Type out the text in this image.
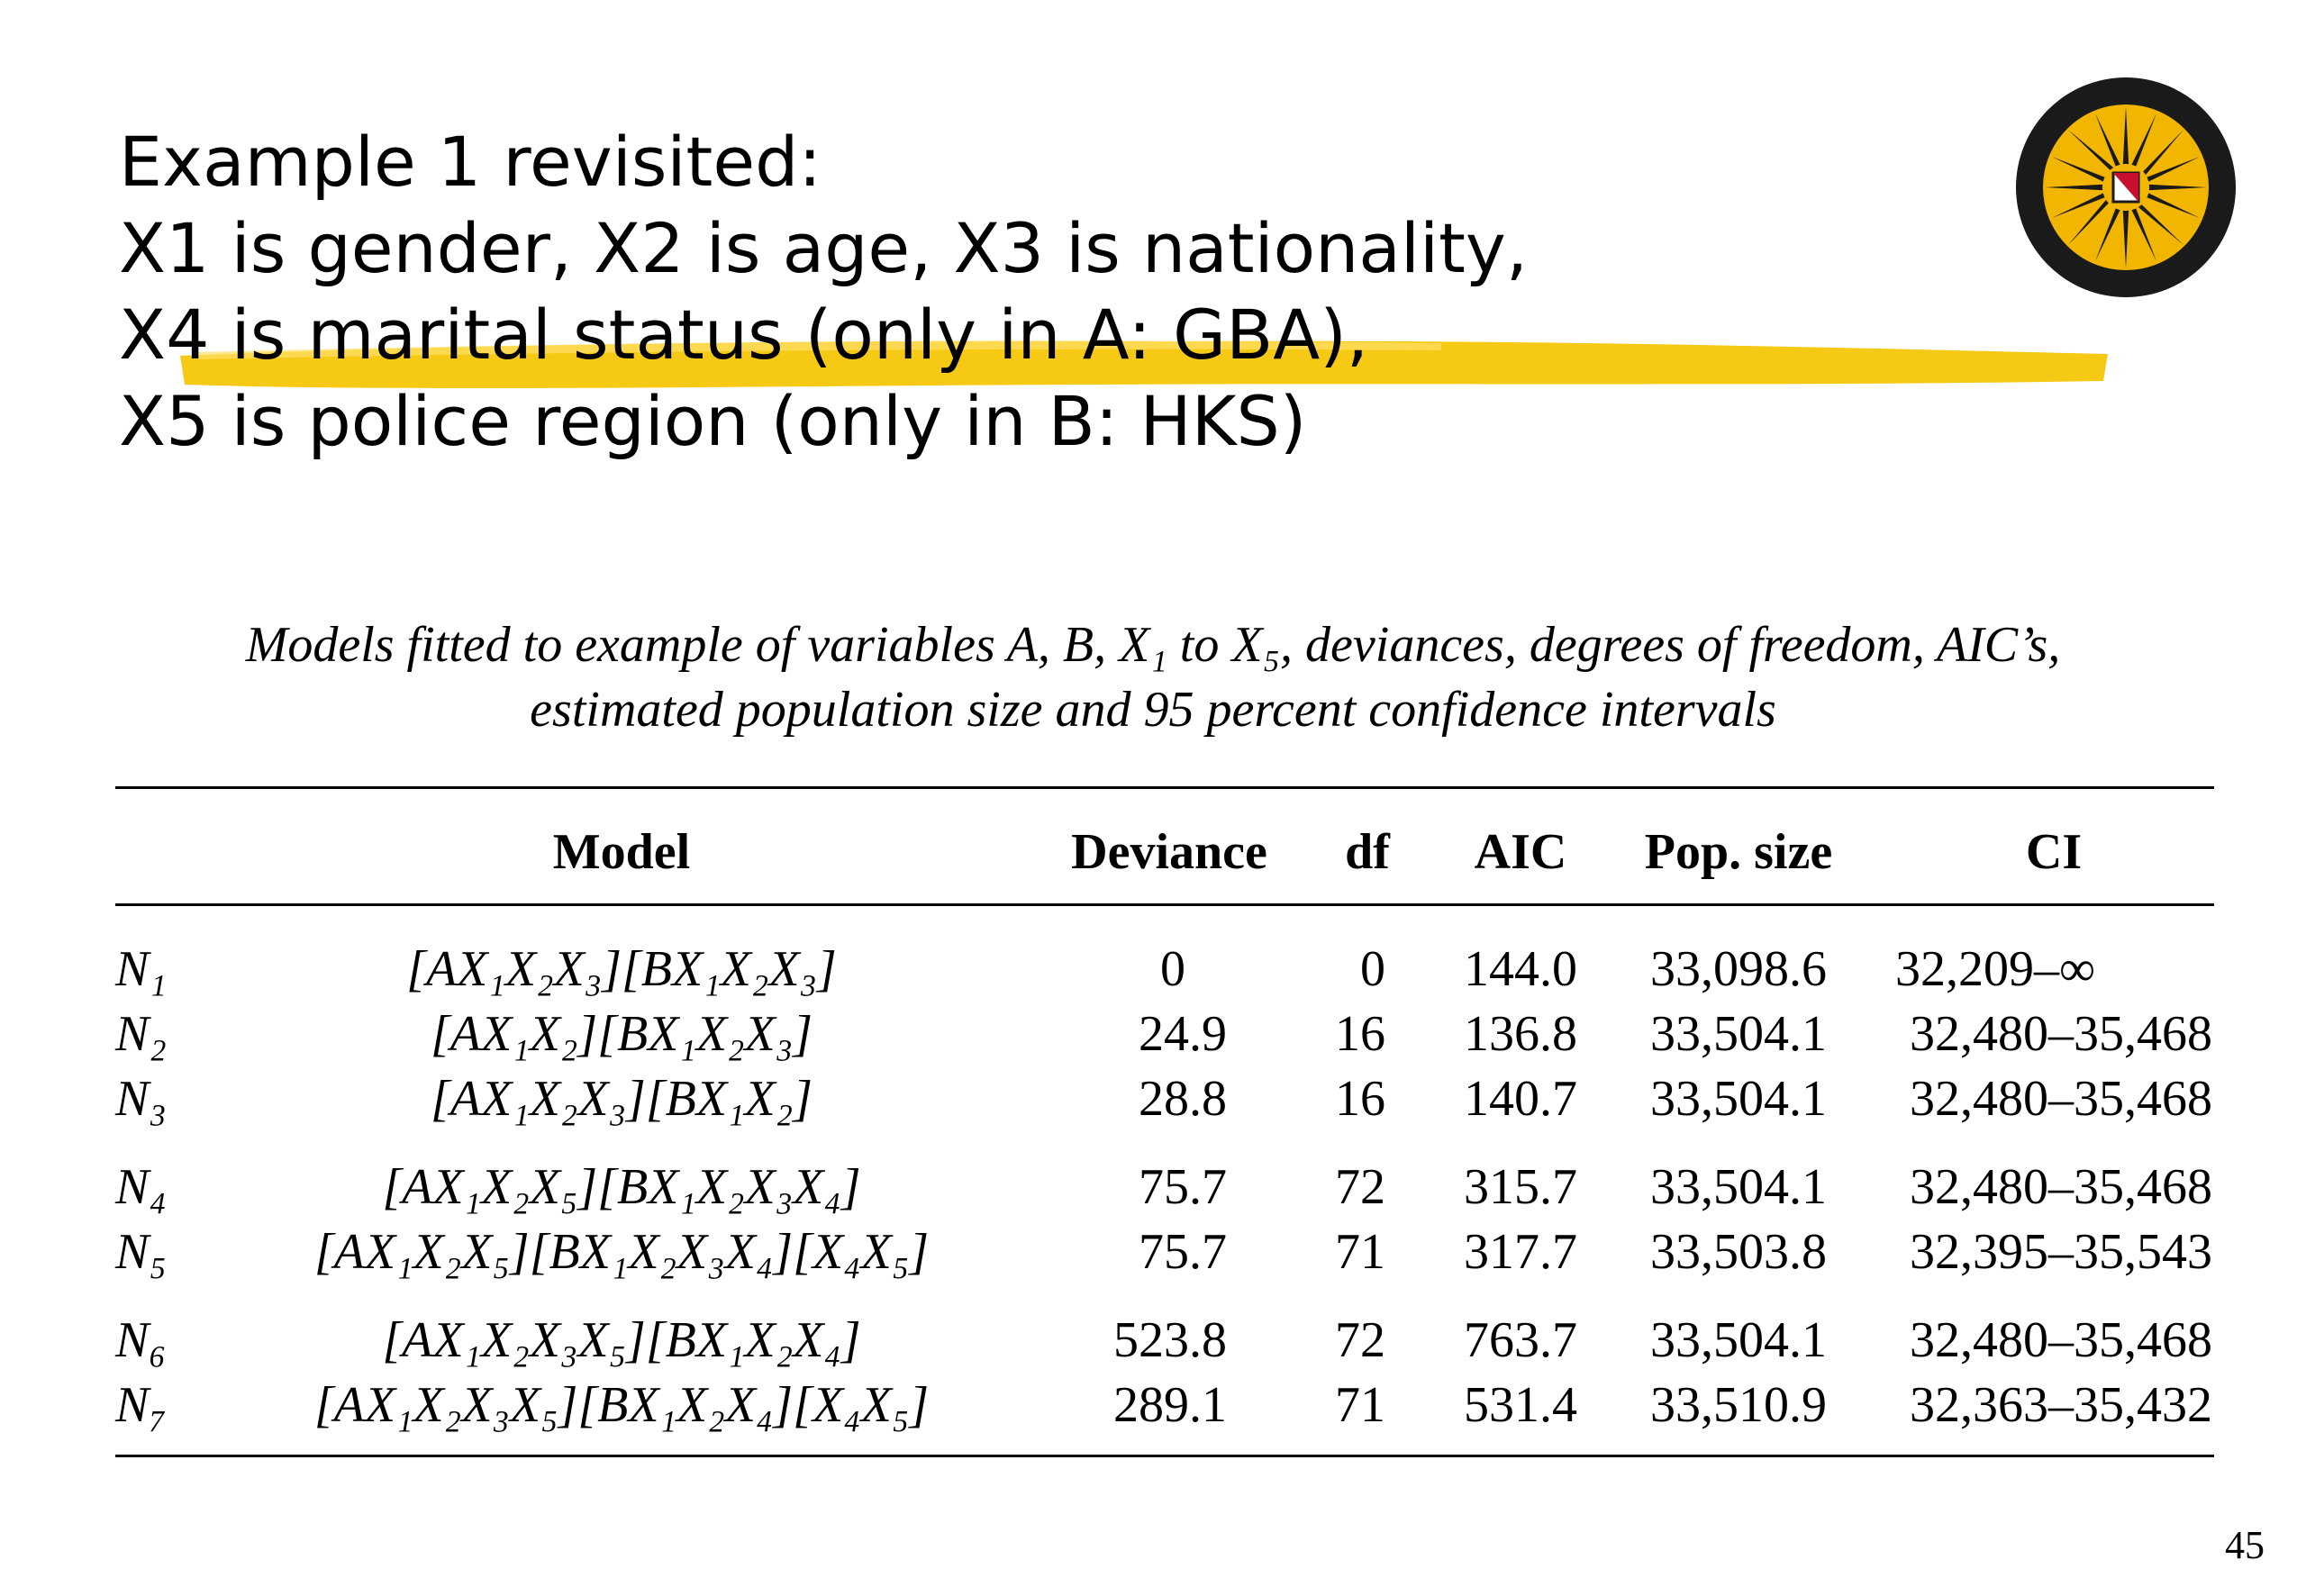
Example 1 revisited:
X1 is gender, X2 is age, X3 is nationality,
X4 is marital status (only in A: GBA),
X5 is police region (only in B: HKS)
Models fitted to example of variables A, B, X₁ to X₅, deviances, degrees of freedom, AIC’s,
estimated population size and 95 percent confidence intervals
Model	Deviance df AIC Pop. size	CI
N₁	[AX₁X₂X₃][BX₁X₂X₃]	0	0 144.0 33,098.6 32,209–∞
N₂	[AX₁X₂][BX₁X₂X₃]	24.9 16 136.8 33,504.1 32,480–35,468
N₃	[AX₁X₂X₃][BX₁X₂]	28.8 16 140.7 33,504.1 32,480–35,468
N₄	[AX₁X₂X₅][BX₁X₂X₃X₄]	75.7 72 315.7 33,504.1 32,480–35,468
N₅	[AX₁X₂X₅][BX₁X₂X₃X₄][X₄X₅]	75.7 71 317.7 33,503.8 32,395–35,543
N₆	[AX₁X₂X₃X₅][BX₁X₂X₄]	523.8 72 763.7 33,504.1 32,480–35,468
N₇	[AX₁X₂X₃X₅][BX₁X₂X₄][X₄X₅]	289.1 71 531.4 33,510.9 32,363–35,432
45
